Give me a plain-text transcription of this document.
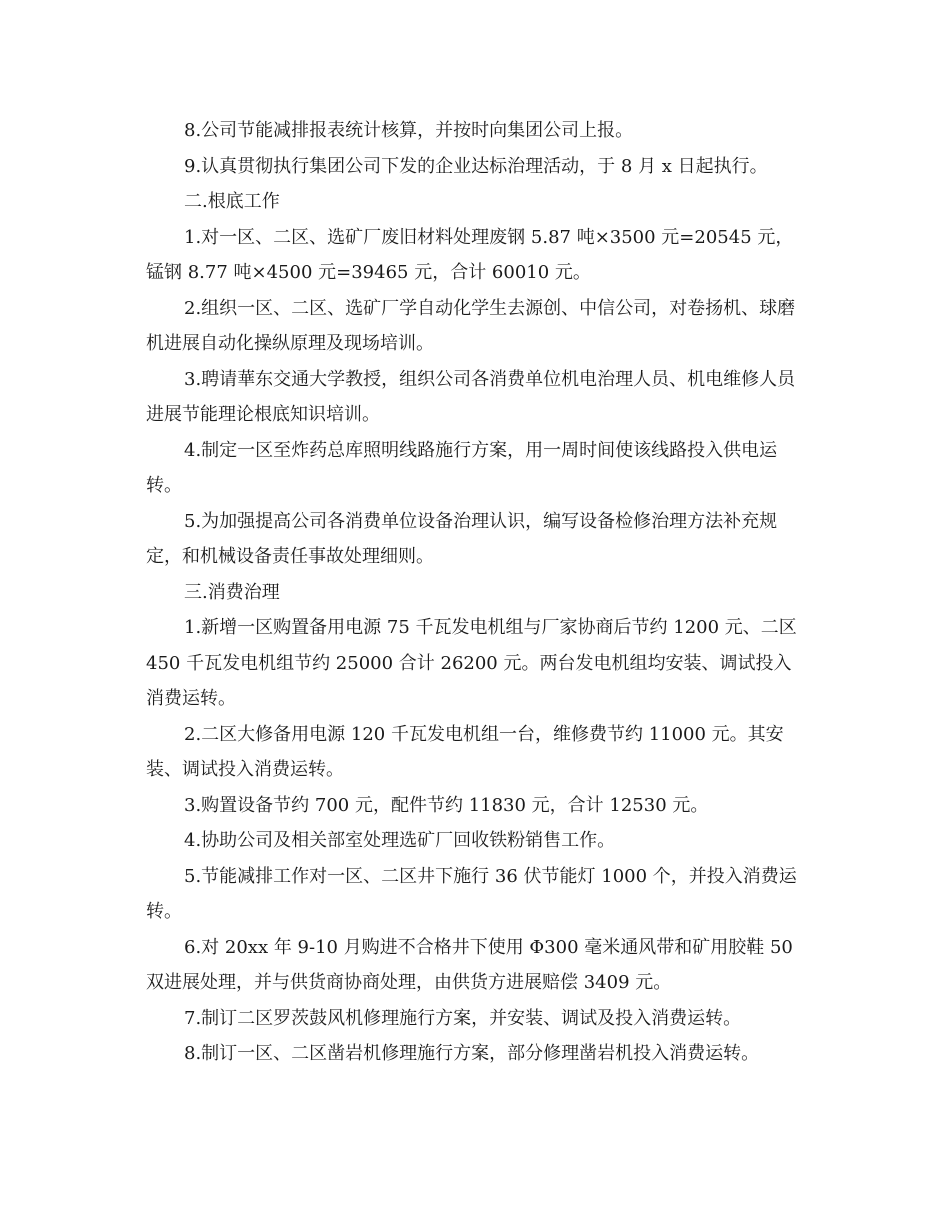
8.公司节能减排报表统计核算，并按时向集团公司上报。

9.认真贯彻执行集团公司下发的企业达标治理活动，于 8 月 x 日起执行。

二.根底工作

1.对一区、二区、选矿厂废旧材料处理废钢 5.87 吨×3500 元=20545 元，锰钢 8.77 吨×4500 元=39465 元，合计 60010 元。

2.组织一区、二区、选矿厂学自动化学生去源创、中信公司，对卷扬机、球磨机进展自动化操纵原理及现场培训。

3.聘请華东交通大学教授，组织公司各消费单位机电治理人员、机电维修人员进展节能理论根底知识培训。

4.制定一区至炸药总库照明线路施行方案，用一周时间使该线路投入供电运转。

5.为加强提高公司各消费单位设备治理认识，编写设备检修治理方法补充规定，和机械设备责任事故处理细则。

三.消费治理

1.新增一区购置备用电源 75 千瓦发电机组与厂家协商后节约 1200 元、二区 450 千瓦发电机组节约 25000 合计 26200 元。两台发电机组均安装、调试投入消费运转。

2.二区大修备用电源 120 千瓦发电机组一台，维修费节约 11000 元。其安装、调试投入消费运转。

3.购置设备节约 700 元，配件节约 11830 元，合计 12530 元。

4.协助公司及相关部室处理选矿厂回收铁粉销售工作。

5.节能减排工作对一区、二区井下施行 36 伏节能灯 1000 个，并投入消费运转。

6.对 20xx 年 9-10 月购进不合格井下使用 Φ300 毫米通风带和矿用胶鞋 50 双进展处理，并与供货商协商处理，由供货方进展赔偿 3409 元。

7.制订二区罗茨鼓风机修理施行方案，并安装、调试及投入消费运转。

8.制订一区、二区凿岩机修理施行方案，部分修理凿岩机投入消费运转。
